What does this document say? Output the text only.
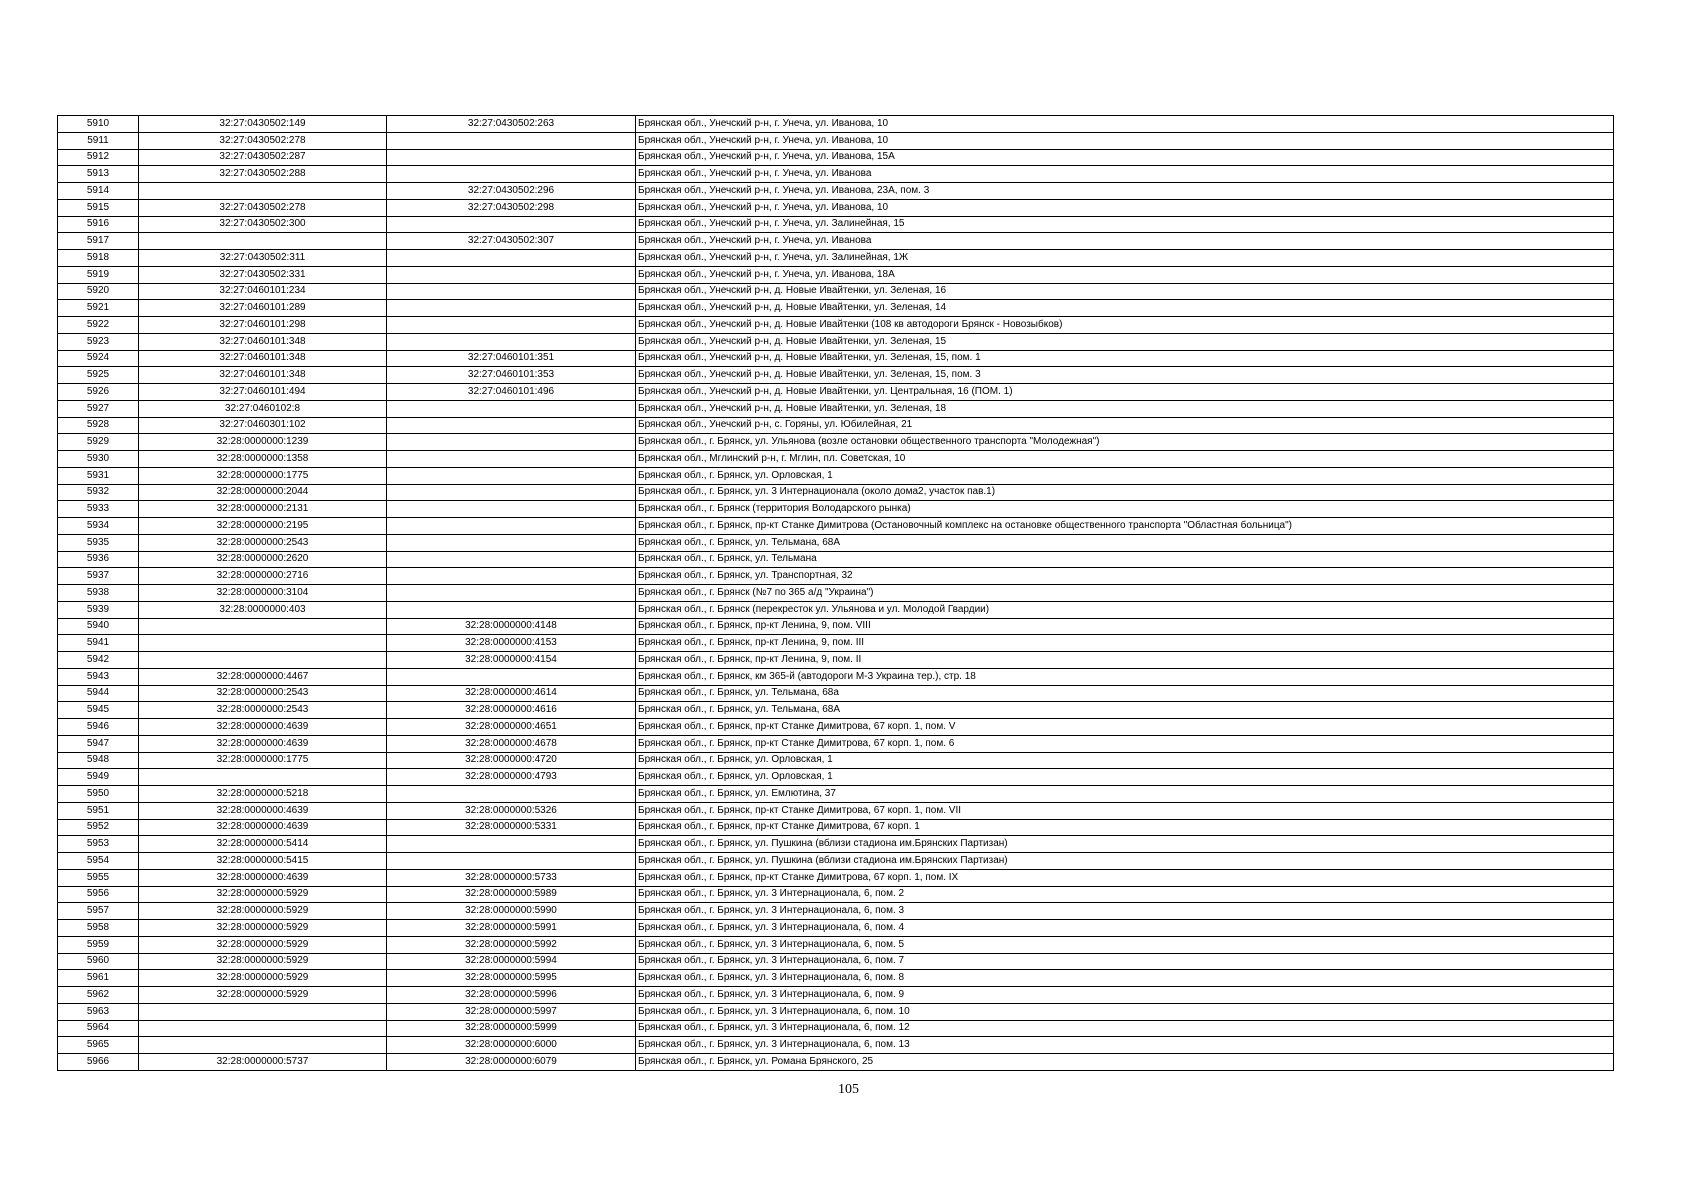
5910	32:27:0430502:149	32:27:0430502:263	Брянская обл., Унечский р-н, г. Унеча, ул. Иванова, 10
5911	32:27:0430502:278		Брянская обл., Унечский р-н, г. Унеча, ул. Иванова, 10
5912	32:27:0430502:287		Брянская обл., Унечский р-н, г. Унеча, ул. Иванова, 15А
5913	32:27:0430502:288		Брянская обл., Унечский р-н, г. Унеча, ул. Иванова
5914		32:27:0430502:296	Брянская обл., Унечский р-н, г. Унеча, ул. Иванова, 23А, пом. 3
5915	32:27:0430502:278	32:27:0430502:298	Брянская обл., Унечский р-н, г. Унеча, ул. Иванова, 10
5916	32:27:0430502:300		Брянская обл., Унечский р-н, г. Унеча, ул. Залинейная, 15
5917		32:27:0430502:307	Брянская обл., Унечский р-н, г. Унеча, ул. Иванова
5918	32:27:0430502:311		Брянская обл., Унечский р-н, г. Унеча, ул. Залинейная, 1Ж
5919	32:27:0430502:331		Брянская обл., Унечский р-н, г. Унеча, ул. Иванова, 18А
5920	32:27:0460101:234		Брянская обл., Унечский р-н, д. Новые Ивайтенки, ул. Зеленая, 16
5921	32:27:0460101:289		Брянская обл., Унечский р-н, д. Новые Ивайтенки, ул. Зеленая, 14
5922	32:27:0460101:298		Брянская обл., Унечский р-н, д. Новые Ивайтенки (108 кв автодороги Брянск - Новозыбков)
5923	32:27:0460101:348		Брянская обл., Унечский р-н, д. Новые Ивайтенки, ул. Зеленая, 15
5924	32:27:0460101:348	32:27:0460101:351	Брянская обл., Унечский р-н, д. Новые Ивайтенки, ул. Зеленая, 15, пом. 1
5925	32:27:0460101:348	32:27:0460101:353	Брянская обл., Унечский р-н, д. Новые Ивайтенки, ул. Зеленая, 15, пом. 3
5926	32:27:0460101:494	32:27:0460101:496	Брянская обл., Унечский р-н, д. Новые Ивайтенки, ул. Центральная, 16 (ПОМ. 1)
5927	32:27:0460102:8		Брянская обл., Унечский р-н, д. Новые Ивайтенки, ул. Зеленая, 18
5928	32:27:0460301:102		Брянская обл., Унечский р-н, с. Горяны, ул. Юбилейная, 21
5929	32:28:0000000:1239		Брянская обл., г. Брянск, ул. Ульянова (возле остановки общественного транспорта "Молодежная")
5930	32:28:0000000:1358		Брянская обл., Мглинский р-н, г. Мглин, пл. Советская, 10
5931	32:28:0000000:1775		Брянская обл., г. Брянск, ул. Орловская, 1
5932	32:28:0000000:2044		Брянская обл., г. Брянск, ул. 3 Интернационала (около дома2, участок пав.1)
5933	32:28:0000000:2131		Брянская обл., г. Брянск (территория Володарского рынка)
5934	32:28:0000000:2195		Брянская обл., г. Брянск, пр-кт Станке Димитрова (Остановочный комплекс на остановке общественного транспорта "Областная больница")
5935	32:28:0000000:2543		Брянская обл., г. Брянск, ул. Тельмана, 68А
5936	32:28:0000000:2620		Брянская обл., г. Брянск, ул. Тельмана
5937	32:28:0000000:2716		Брянская обл., г. Брянск, ул. Транспортная, 32
5938	32:28:0000000:3104		Брянская обл., г. Брянск (№7 по 365 а/д "Украина")
5939	32:28:0000000:403		Брянская обл., г. Брянск (перекресток ул. Ульянова и ул. Молодой Гвардии)
5940		32:28:0000000:4148	Брянская обл., г. Брянск, пр-кт Ленина, 9, пом. VIII
5941		32:28:0000000:4153	Брянская обл., г. Брянск, пр-кт Ленина, 9, пом. III
5942		32:28:0000000:4154	Брянская обл., г. Брянск, пр-кт Ленина, 9, пом. II
5943	32:28:0000000:4467		Брянская обл., г. Брянск, км 365-й (автодороги М-3 Украина тер.), стр. 18
5944	32:28:0000000:2543	32:28:0000000:4614	Брянская обл., г. Брянск, ул. Тельмана, 68а
5945	32:28:0000000:2543	32:28:0000000:4616	Брянская обл., г. Брянск, ул. Тельмана, 68А
5946	32:28:0000000:4639	32:28:0000000:4651	Брянская обл., г. Брянск, пр-кт Станке Димитрова, 67 корп. 1, пом. V
5947	32:28:0000000:4639	32:28:0000000:4678	Брянская обл., г. Брянск, пр-кт Станке Димитрова, 67 корп. 1, пом. 6
5948	32:28:0000000:1775	32:28:0000000:4720	Брянская обл., г. Брянск, ул. Орловская, 1
5949		32:28:0000000:4793	Брянская обл., г. Брянск, ул. Орловская, 1
5950	32:28:0000000:5218		Брянская обл., г. Брянск, ул. Емлютина, 37
5951	32:28:0000000:4639	32:28:0000000:5326	Брянская обл., г. Брянск, пр-кт Станке Димитрова, 67 корп. 1, пом. VII
5952	32:28:0000000:4639	32:28:0000000:5331	Брянская обл., г. Брянск, пр-кт Станке Димитрова, 67 корп. 1
5953	32:28:0000000:5414		Брянская обл., г. Брянск, ул. Пушкина (вблизи стадиона им.Брянских Партизан)
5954	32:28:0000000:5415		Брянская обл., г. Брянск, ул. Пушкина (вблизи стадиона им.Брянских Партизан)
5955	32:28:0000000:4639	32:28:0000000:5733	Брянская обл., г. Брянск, пр-кт Станке Димитрова, 67 корп. 1, пом. IX
5956	32:28:0000000:5929	32:28:0000000:5989	Брянская обл., г. Брянск, ул. 3 Интернационала, 6, пом. 2
5957	32:28:0000000:5929	32:28:0000000:5990	Брянская обл., г. Брянск, ул. 3 Интернационала, 6, пом. 3
5958	32:28:0000000:5929	32:28:0000000:5991	Брянская обл., г. Брянск, ул. 3 Интернационала, 6, пом. 4
5959	32:28:0000000:5929	32:28:0000000:5992	Брянская обл., г. Брянск, ул. 3 Интернационала, 6, пом. 5
5960	32:28:0000000:5929	32:28:0000000:5994	Брянская обл., г. Брянск, ул. 3 Интернационала, 6, пом. 7
5961	32:28:0000000:5929	32:28:0000000:5995	Брянская обл., г. Брянск, ул. 3 Интернационала, 6, пом. 8
5962	32:28:0000000:5929	32:28:0000000:5996	Брянская обл., г. Брянск, ул. 3 Интернационала, 6, пом. 9
5963		32:28:0000000:5997	Брянская обл., г. Брянск, ул. 3 Интернационала, 6, пом. 10
5964		32:28:0000000:5999	Брянская обл., г. Брянск, ул. 3 Интернационала, 6, пом. 12
5965		32:28:0000000:6000	Брянская обл., г. Брянск, ул. 3 Интернационала, 6, пом. 13
5966	32:28:0000000:5737	32:28:0000000:6079	Брянская обл., г. Брянск, ул. Романа Брянского, 25
105
